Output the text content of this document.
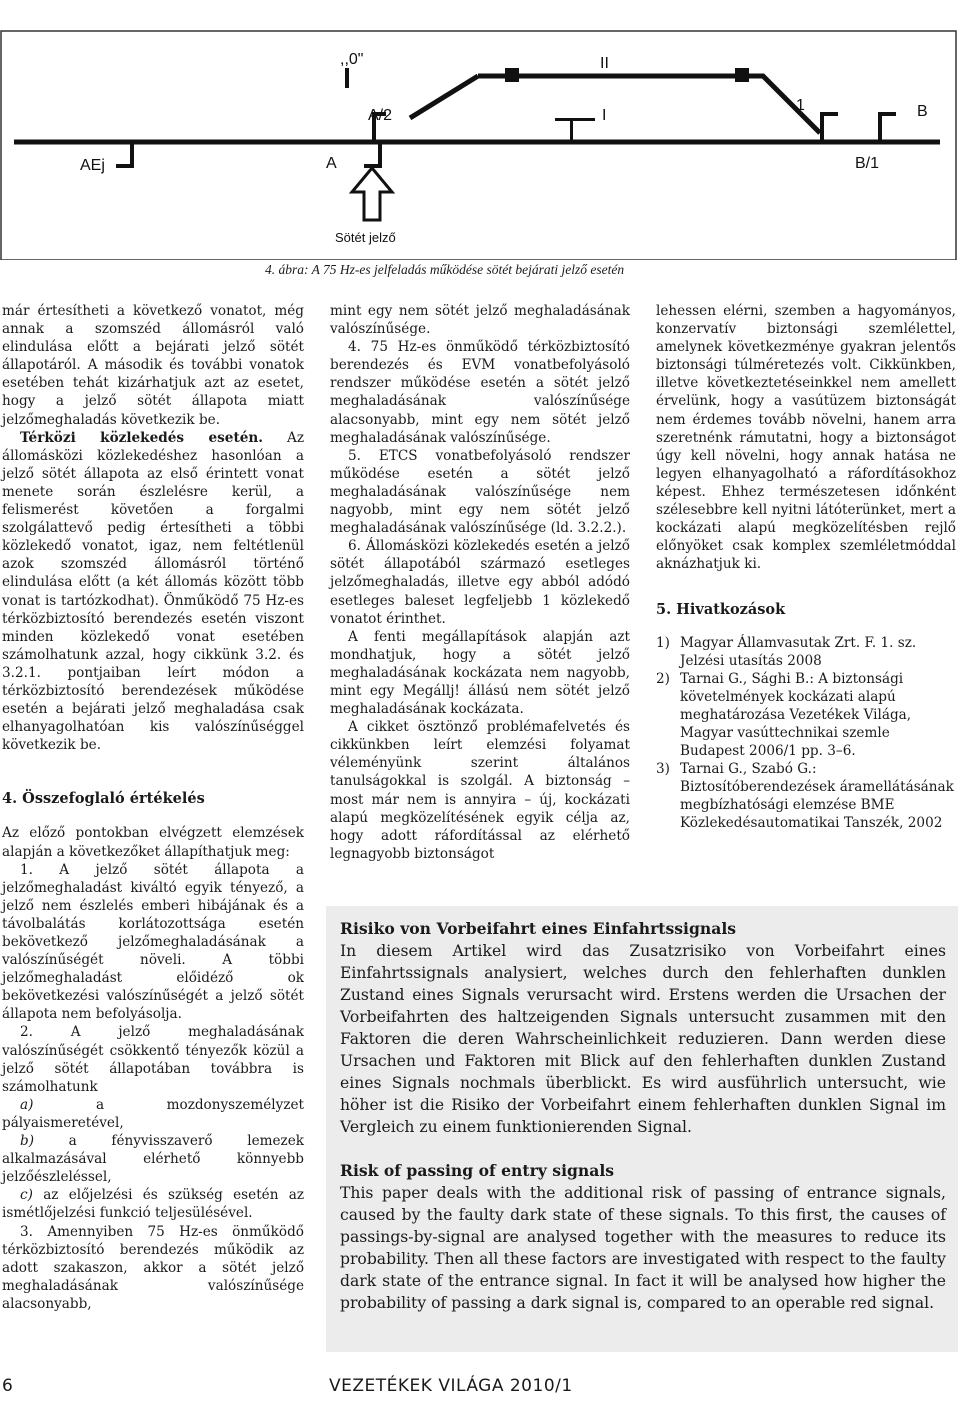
,,0"	II
I
1	B
A/2
AEj	A	B/1
Sötét jelző
4. ábra: A 75 Hz-es jelfeladás működése sötét bejárati jelző esetén

már értesítheti a következő vonatot, még annak a szomszéd állomásról való elindulása előtt a bejárati jelző sötét állapotáról. A második és további vonatok esetében tehát kizárhatjuk azt az esetet, hogy a jelző sötét állapota miatt jelzőmeghaladás következik be.

Térközi közlekedés esetén. Az állomásközi közlekedéshez hasonlóan a jelző sötét állapota az első érintett vonat menete során észlelésre kerül, a felismerést követően a forgalmi szolgálattevő pedig értesítheti a többi közlekedő vonatot, igaz, nem feltétlenül azok szomszéd állomásról történő elindulása előtt (a két állomás között több vonat is tartózkodhat). Önműködő 75 Hz-es térközbiztosító berendezés esetén viszont minden közlekedő vonat esetében számolhatunk azzal, hogy cikkünk 3.2. és 3.2.1. pontjaiban leírt módon a térközbiztosító berendezések működése esetén a bejárati jelző meghaladása csak elhanyagolhatóan kis valószínűséggel következik be.

4. Összefoglaló értékelés

Az előző pontokban elvégzett elemzések alapján a következőket állapíthatjuk meg:

1. A jelző sötét állapota a jelzőmeghaladást kiváltó egyik tényező, a jelző nem észlelés emberi hibájának és a távolbalátás korlátozottsága esetén bekövetkező jelzőmeghaladásának a valószínűségét növeli. A többi jelzőmeghaladást előidéző ok bekövetkezési valószínűségét a jelző sötét állapota nem befolyásolja.

2. A jelző meghaladásának valószínűségét csökkentő tényezők közül a jelző sötét állapotában továbbra is számolhatunk

a) a mozdonyszemélyzet pályaismeretével,

b) a fényvisszaverő lemezek alkalmazásával elérhető könnyebb jelzőészleléssel,

c) az előjelzési és szükség esetén az ismétlőjelzési funkció teljesülésével.

3. Amennyiben 75 Hz-es önműködő térközbiztosító berendezés működik az adott szakaszon, akkor a sötét jelző meghaladásának valószínűsége alacsonyabb,

mint egy nem sötét jelző meghaladásának valószínűsége.

4. 75 Hz-es önműködő térközbiztosító berendezés és EVM vonatbefolyásoló rendszer működése esetén a sötét jelző meghaladásának valószínűsége alacsonyabb, mint egy nem sötét jelző meghaladásának valószínűsége.

5. ETCS vonatbefolyásoló rendszer működése esetén a sötét jelző meghaladásának valószínűsége nem nagyobb, mint egy nem sötét jelző meghaladásának valószínűsége (ld. 3.2.2.).

6. Állomásközi közlekedés esetén a jelző sötét állapotából származó esetleges jelzőmeghaladás, illetve egy abból adódó esetleges baleset legfeljebb 1 közlekedő vonatot érinthet.

A fenti megállapítások alapján azt mondhatjuk, hogy a sötét jelző meghaladásának kockázata nem nagyobb, mint egy Megállj! állású nem sötét jelző meghaladásának kockázata.

A cikket ösztönző problémafelvetés és cikkünkben leírt elemzési folyamat véleményünk szerint általános tanulságokkal is szolgál. A biztonság – most már nem is annyira – új, kockázati alapú megközelítésének egyik célja az, hogy adott ráfordítással az elérhető legnagyobb biztonságot

lehessen elérni, szemben a hagyományos, konzervatív biztonsági szemlélettel, amelynek következménye gyakran jelentős biztonsági túlméretezés volt. Cikkünkben, illetve következtetéseinkkel nem amellett érvelünk, hogy a vasútüzem biztonságát nem érdemes tovább növelni, hanem arra szeretnénk rámutatni, hogy a biztonságot úgy kell növelni, hogy annak hatása ne legyen elhanyagolható a ráfordításokhoz képest. Ehhez természetesen időnként szélesebbre kell nyitni látóterünket, mert a kockázati alapú megközelítésben rejlő előnyöket csak komplex szemléletmóddal aknázhatjuk ki.

5. Hivatkozások
1) Magyar Államvasutak Zrt. F. 1. sz. Jelzési utasítás 2008
2) Tarnai G., Sághi B.: A biztonsági követelmények kockázati alapú meghatározása Vezetékek Világa, Magyar vasúttechnikai szemle Budapest 2006/1 pp. 3–6.
3) Tarnai G., Szabó G.: Biztosítóberendezések áramellátásának megbízhatósági elemzése BME Közlekedésautomatikai Tanszék, 2002

Risiko von Vorbeifahrt eines Einfahrtssignals

In diesem Artikel wird das Zusatzrisiko von Vorbeifahrt eines Einfahrtssignals analysiert, welches durch den fehlerhaften dunklen Zustand eines Signals verursacht wird. Erstens werden die Ursachen der Vorbeifahrten des haltzeigenden Signals untersucht zusammen mit den Faktoren die deren Wahrscheinlichkeit reduzieren. Dann werden diese Ursachen und Faktoren mit Blick auf den fehlerhaften dunklen Zustand eines Signals nochmals überblickt. Es wird ausführlich untersucht, wie höher ist die Risiko der Vorbeifahrt einem fehlerhaften dunklen Signal im Vergleich zu einem funktionierenden Signal.

Risk of passing of entry signals

This paper deals with the additional risk of passing of entrance signals, caused by the faulty dark state of these signals. To this first, the causes of passings-by-signal are analysed together with the measures to reduce its probability. Then all these factors are investigated with respect to the faulty dark state of the entrance signal. In fact it will be analysed how higher the probability of passing a dark signal is, compared to an operable red signal.

6	VEZETÉKEK VILÁGA 2010/1
